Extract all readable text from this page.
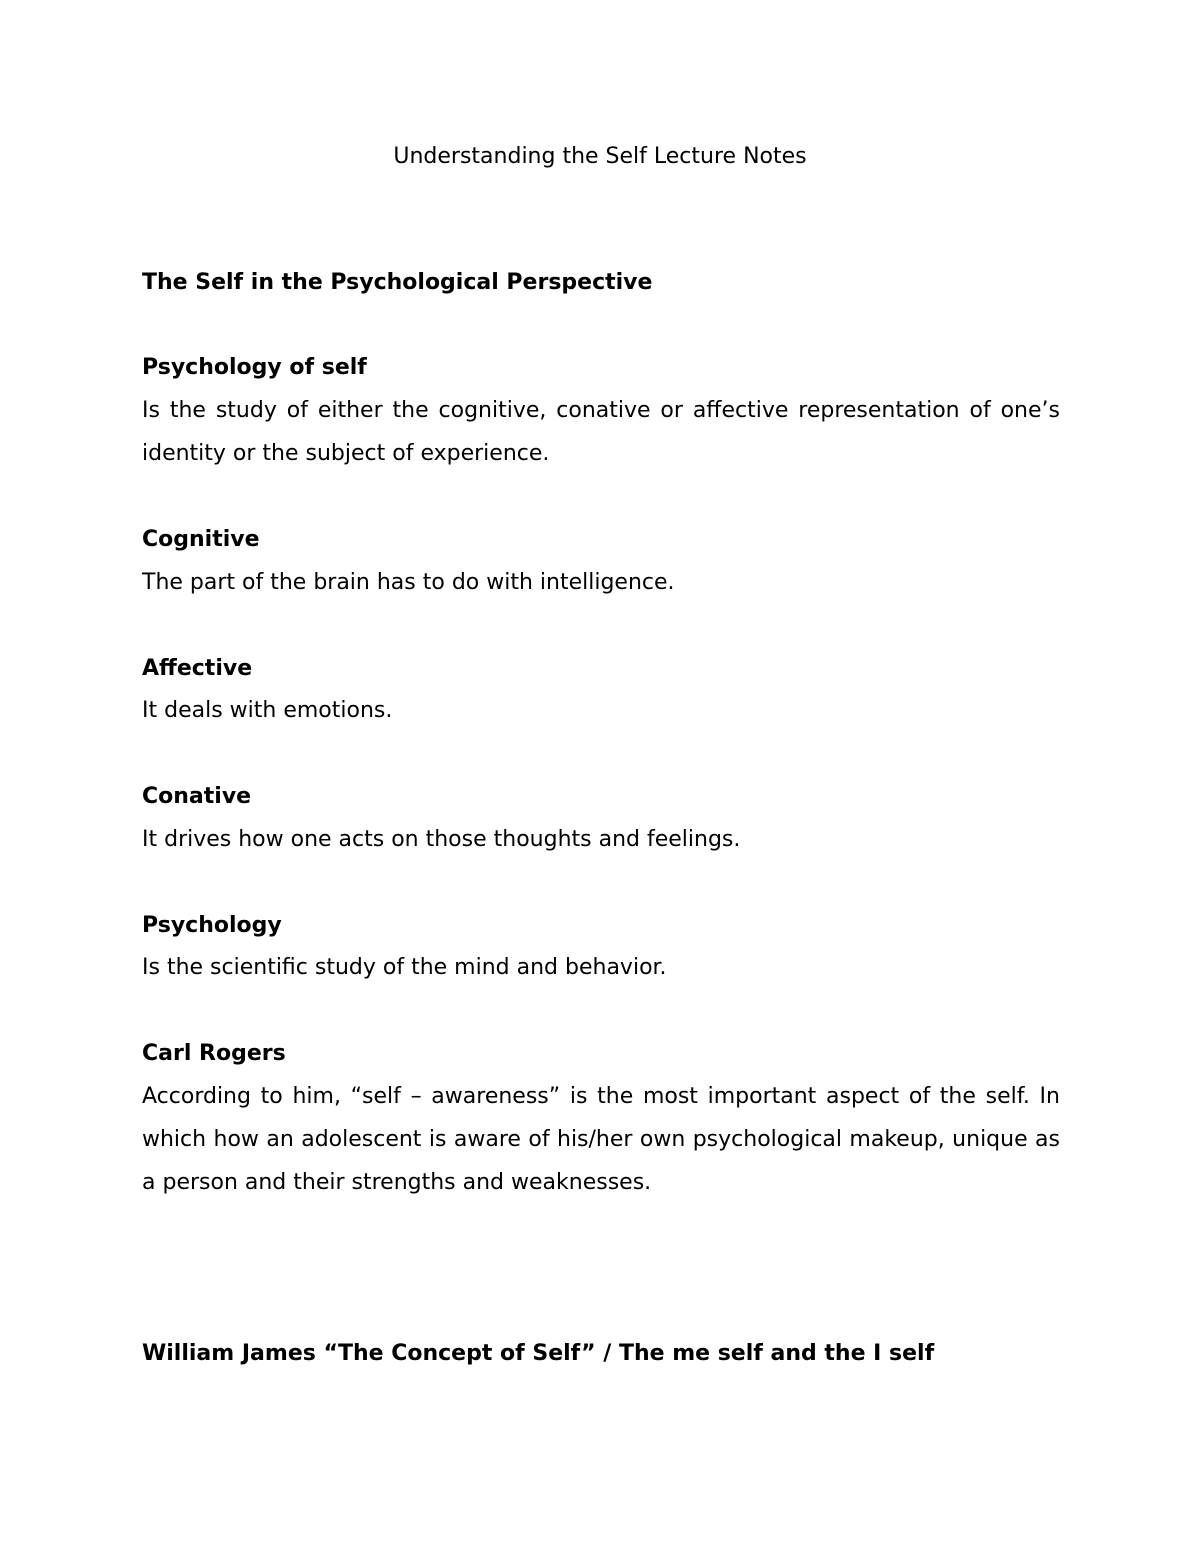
Understanding the Self Lecture Notes
The Self in the Psychological Perspective
Psychology of self
Is the study of either the cognitive, conative or affective representation of one’s identity or the subject of experience.
Cognitive
The part of the brain has to do with intelligence.
Affective
It deals with emotions.
Conative
It drives how one acts on those thoughts and feelings.
Psychology
Is the scientific study of the mind and behavior.
Carl Rogers
According to him, “self – awareness” is the most important aspect of the self. In which how an adolescent is aware of his/her own psychological makeup, unique as a person and their strengths and weaknesses.
William James “The Concept of Self” / The me self and the I self
